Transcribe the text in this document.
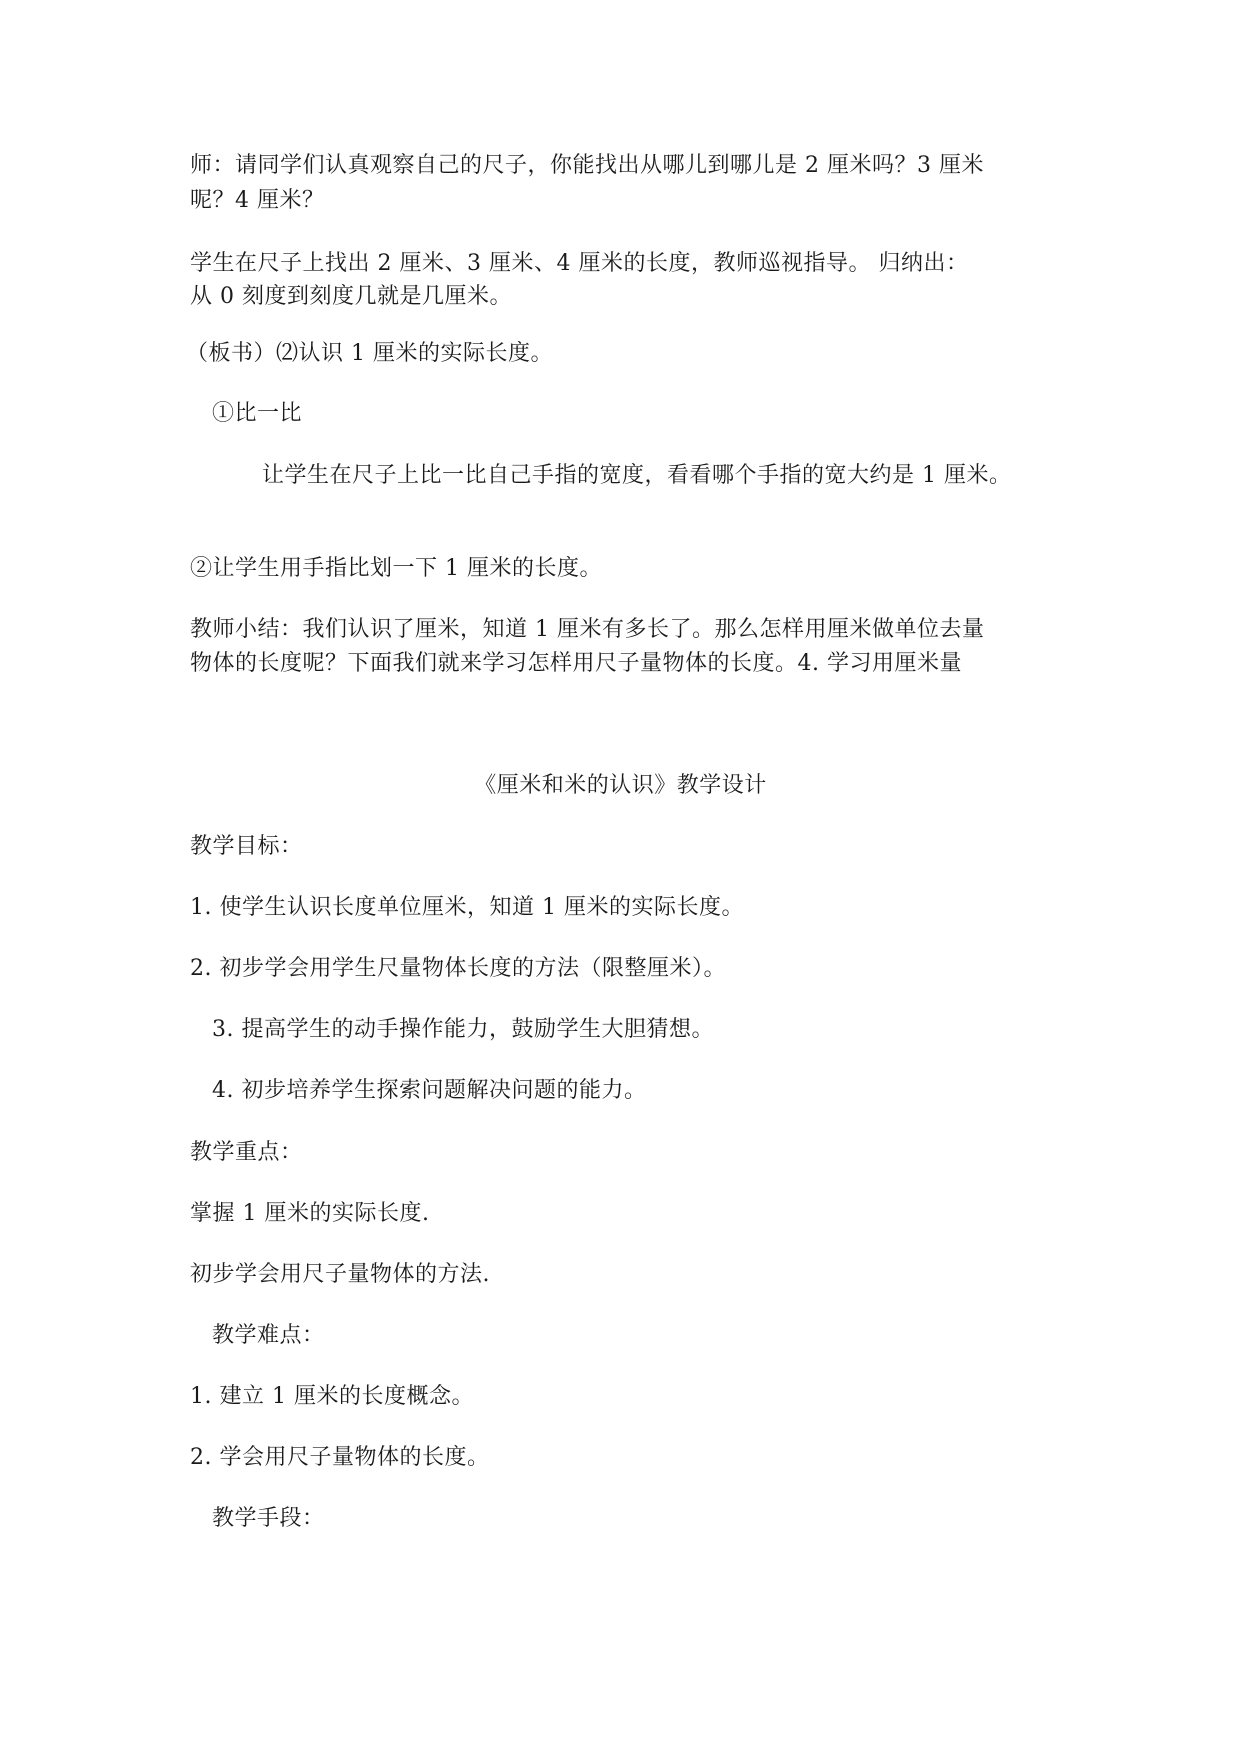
师：请同学们认真观察自己的尺子，你能找出从哪儿到哪儿是 2 厘米吗？3 厘米
呢？4 厘米？
学生在尺子上找出 2 厘米、3 厘米、4 厘米的长度，教师巡视指导。 归纳出：
从 0 刻度到刻度几就是几厘米。
（板书）⑵认识 1 厘米的实际长度。
①比一比
让学生在尺子上比一比自己手指的宽度，看看哪个手指的宽大约是 1 厘米。
②让学生用手指比划一下 1 厘米的长度。
教师小结：我们认识了厘米，知道 1 厘米有多长了。那么怎样用厘米做单位去量
物体的长度呢？下面我们就来学习怎样用尺子量物体的长度。4. 学习用厘米量
《厘米和米的认识》教学设计
教学目标：
1. 使学生认识长度单位厘米，知道 1 厘米的实际长度。
2. 初步学会用学生尺量物体长度的方法（限整厘米）。
3. 提高学生的动手操作能力，鼓励学生大胆猜想。
4. 初步培养学生探索问题解决问题的能力。
教学重点：
掌握 1 厘米的实际长度.
初步学会用尺子量物体的方法.
教学难点：
1. 建立 1 厘米的长度概念。
2. 学会用尺子量物体的长度。
教学手段：
